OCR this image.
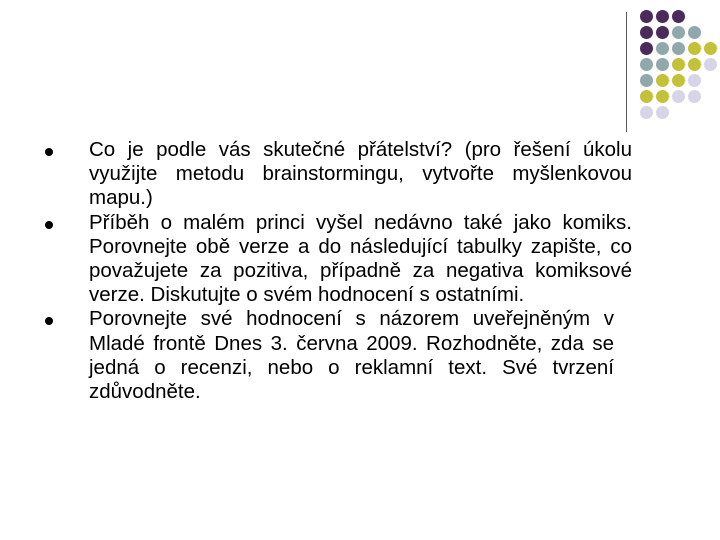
Co je podle vás skutečné přátelství? (pro řešení úkolu využijte metodu brainstormingu, vytvořte myšlenkovou mapu.)
Příběh o malém princi vyšel nedávno také jako komiks. Porovnejte obě verze a do následující tabulky zapište, co považujete za pozitiva, případně za negativa komiksové verze. Diskutujte o svém hodnocení s ostatními.
Porovnejte své hodnocení s názorem uveřejněným v Mladé frontě Dnes 3. června 2009. Rozhodněte, zda se jedná o recenzi, nebo o reklamní text. Své tvrzení zdůvodněte.
